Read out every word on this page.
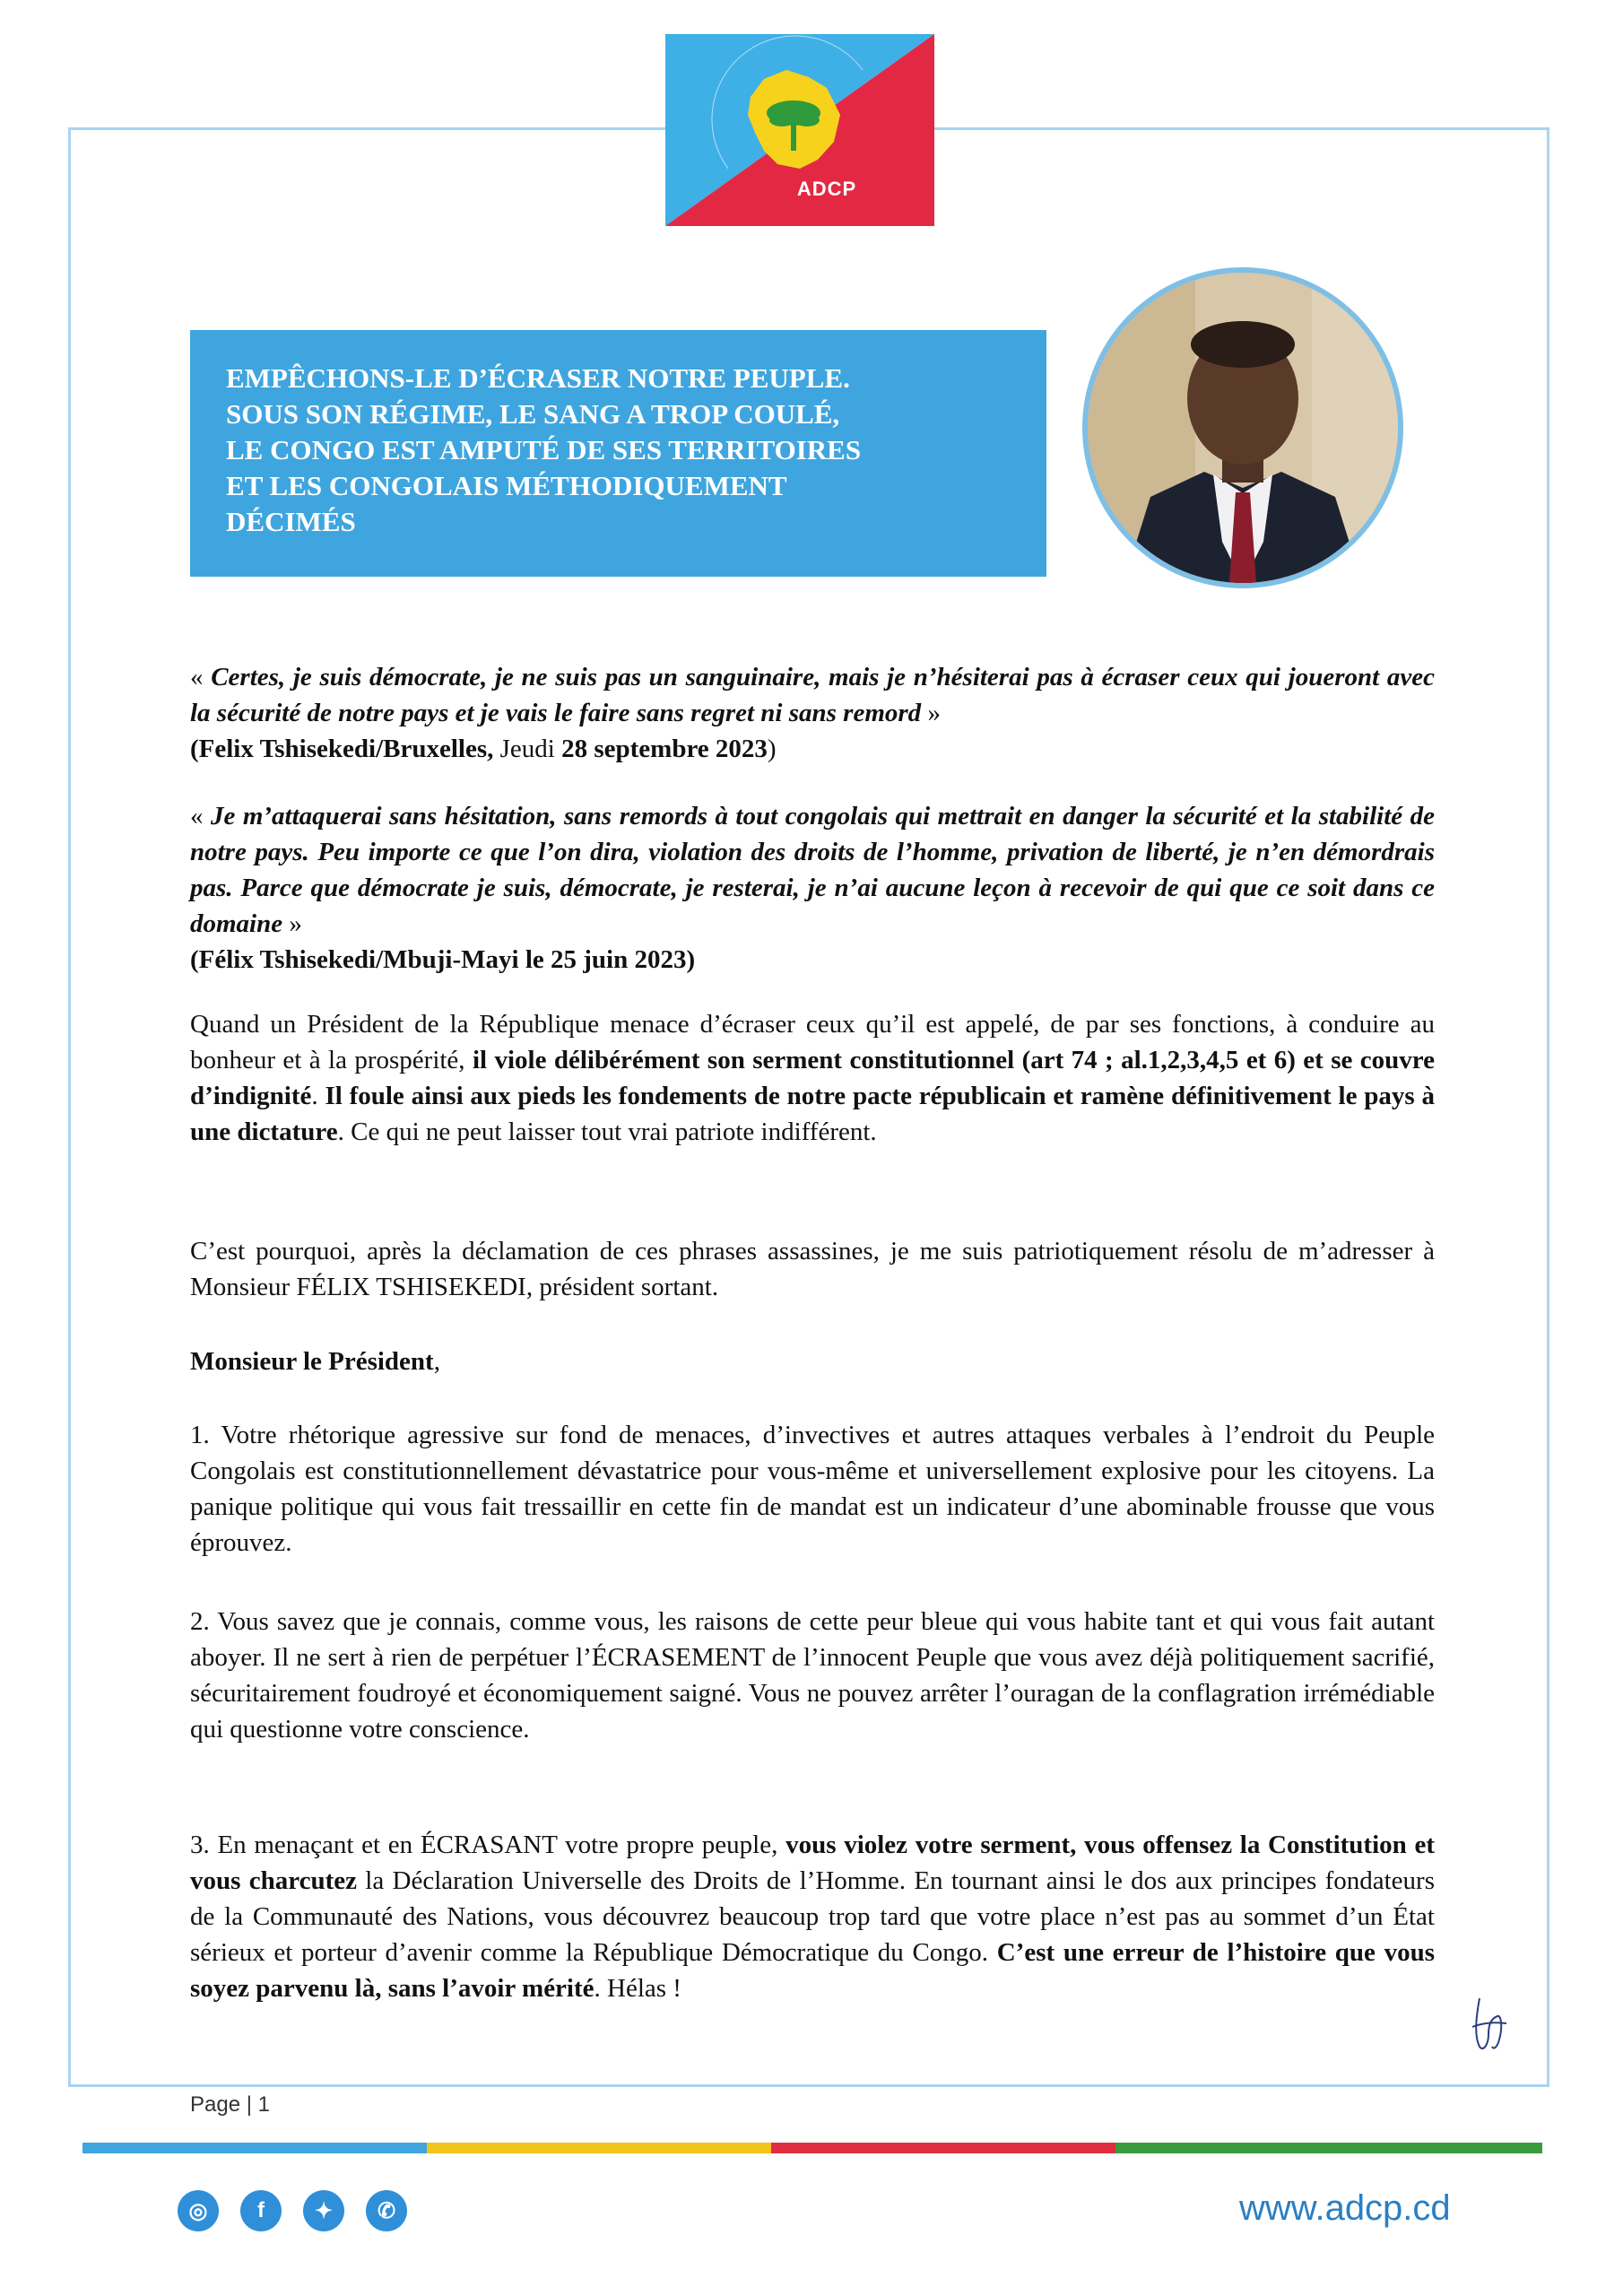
ADCP
EMPÊCHONS-LE D’ÉCRASER NOTRE PEUPLE.
SOUS SON RÉGIME, LE SANG A TROP COULÉ,
LE CONGO EST AMPUTÉ DE SES TERRITOIRES
ET LES CONGOLAIS MÉTHODIQUEMENT
DÉCIMÉS
« Certes, je suis démocrate, je ne suis pas un sanguinaire, mais je n’hésiterai pas à écraser ceux qui joueront avec la sécurité de notre pays et je vais le faire sans regret ni sans remord »
(Felix Tshisekedi/Bruxelles, Jeudi 28 septembre 2023)
« Je m’attaquerai sans hésitation, sans remords à tout congolais qui mettrait en danger la sécurité et la stabilité de notre pays. Peu importe ce que l’on dira, violation des droits de l’homme, privation de liberté, je n’en démordrais pas. Parce que démocrate je suis, démocrate, je resterai, je n’ai aucune leçon à recevoir de qui que ce soit dans ce domaine »
(Félix Tshisekedi/Mbuji-Mayi le 25 juin 2023)
Quand un Président de la République menace d’écraser ceux qu’il est appelé, de par ses fonctions, à conduire au bonheur et à la prospérité, il viole délibérément son serment constitutionnel (art 74 ; al.1,2,3,4,5 et 6) et se couvre d’indignité. Il foule ainsi aux pieds les fondements de notre pacte républicain et ramène définitivement le pays à une dictature. Ce qui ne peut laisser tout vrai patriote indifférent.
C’est pourquoi, après la déclamation de ces phrases assassines, je me suis patriotiquement résolu de m’adresser à Monsieur FÉLIX TSHISEKEDI, président sortant.
Monsieur le Président,
1. Votre rhétorique agressive sur fond de menaces, d’invectives et autres attaques verbales à l’endroit du Peuple Congolais est constitutionnellement dévastatrice pour vous-même et universellement explosive pour les citoyens. La panique politique qui vous fait tressaillir en cette fin de mandat est un indicateur d’une abominable frousse que vous éprouvez.
2. Vous savez que je connais, comme vous, les raisons de cette peur bleue qui vous habite tant et qui vous fait autant aboyer. Il ne sert à rien de perpétuer l’ÉCRASEMENT de l’innocent Peuple que vous avez déjà politiquement sacrifié, sécuritairement foudroyé et économiquement saigné. Vous ne pouvez arrêter l’ouragan de la conflagration irrémédiable qui questionne votre conscience.
3. En menaçant et en ÉCRASANT votre propre peuple, vous violez votre serment, vous offensez la Constitution et vous charcutez la Déclaration Universelle des Droits de l’Homme. En tournant ainsi le dos aux principes fondateurs de la Communauté des Nations, vous découvrez beaucoup trop tard que votre place n’est pas au sommet d’un État sérieux et porteur d’avenir comme la République Démocratique du Congo. C’est une erreur de l’histoire que vous soyez parvenu là, sans l’avoir mérité. Hélas !
Page | 1
◎	f	✦	✆	www.adcp.cd
